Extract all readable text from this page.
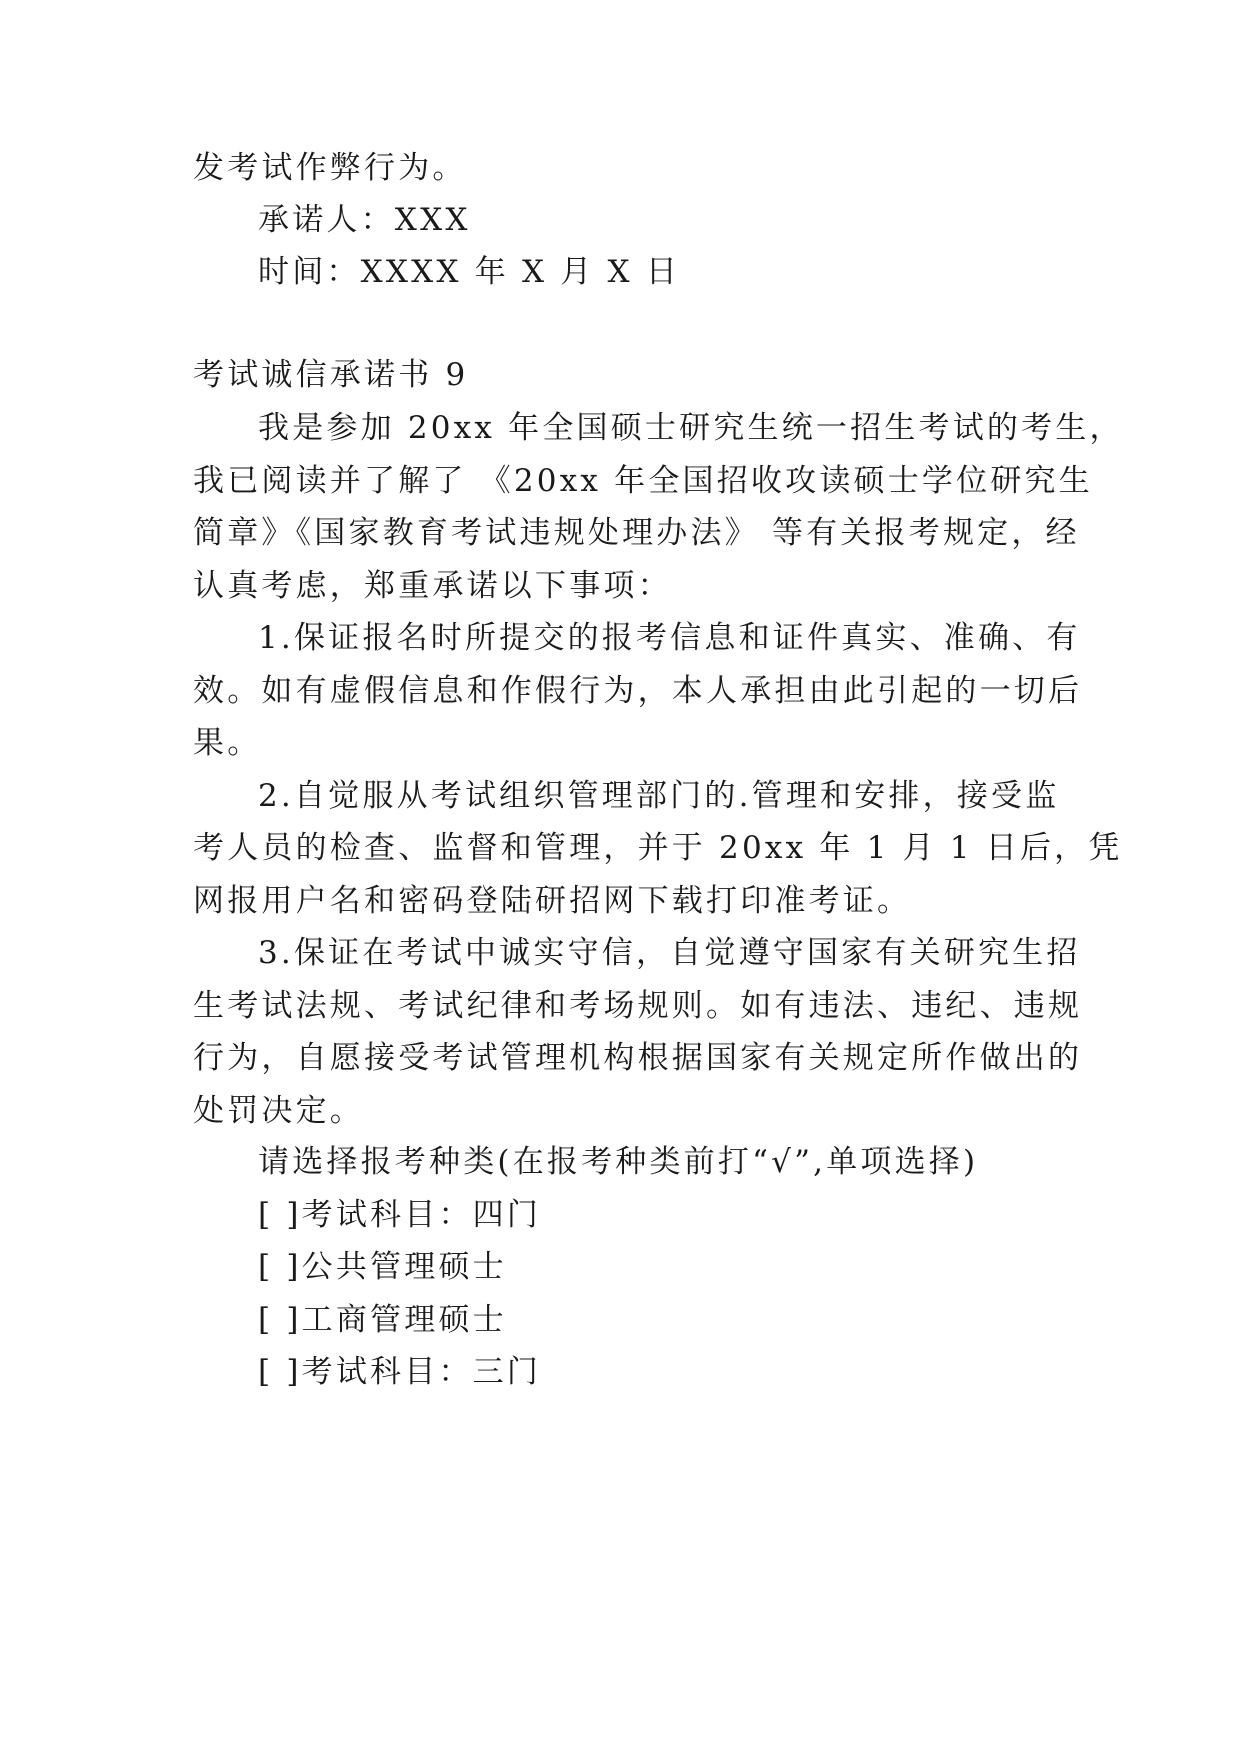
发考试作弊行为。
承诺人：XXX
时间：XXXX 年 X 月 X 日
考试诚信承诺书 9
我是参加 20xx 年全国硕士研究生统一招生考试的考生，
我已阅读并了解了 《20xx 年全国招收攻读硕士学位研究生
简章》《国家教育考试违规处理办法》 等有关报考规定，经
认真考虑，郑重承诺以下事项：
1.保证报名时所提交的报考信息和证件真实、准确、有
效。如有虚假信息和作假行为，本人承担由此引起的一切后
果。
2.自觉服从考试组织管理部门的.管理和安排，接受监
考人员的检查、监督和管理，并于 20xx 年 1 月 1 日后，凭
网报用户名和密码登陆研招网下载打印准考证。
3.保证在考试中诚实守信，自觉遵守国家有关研究生招
生考试法规、考试纪律和考场规则。如有违法、违纪、违规
行为，自愿接受考试管理机构根据国家有关规定所作做出的
处罚决定。
请选择报考种类(在报考种类前打“√”,单项选择)
[ ]考试科目：四门
[ ]公共管理硕士
[ ]工商管理硕士
[ ]考试科目：三门
